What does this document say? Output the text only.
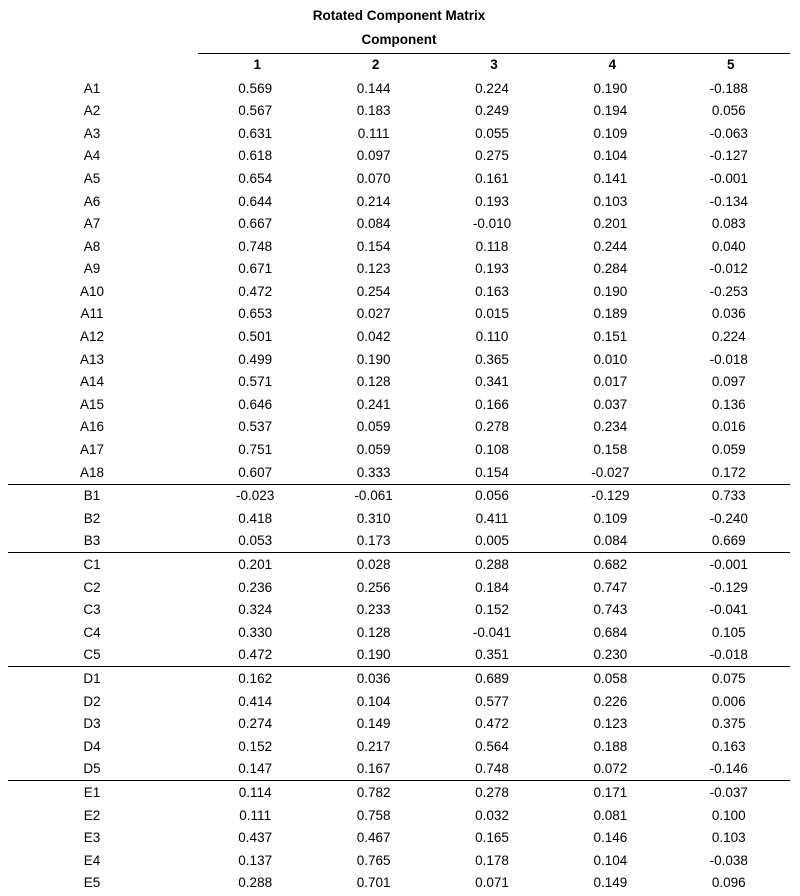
Rotated Component Matrix					
Component					
	1	2	3	4	5
A1	0.569	0.144	0.224	0.190	-0.188
A2	0.567	0.183	0.249	0.194	0.056
A3	0.631	0.111	0.055	0.109	-0.063
A4	0.618	0.097	0.275	0.104	-0.127
A5	0.654	0.070	0.161	0.141	-0.001
A6	0.644	0.214	0.193	0.103	-0.134
A7	0.667	0.084	-0.010	0.201	0.083
A8	0.748	0.154	0.118	0.244	0.040
A9	0.671	0.123	0.193	0.284	-0.012
A10	0.472	0.254	0.163	0.190	-0.253
A11	0.653	0.027	0.015	0.189	0.036
A12	0.501	0.042	0.110	0.151	0.224
A13	0.499	0.190	0.365	0.010	-0.018
A14	0.571	0.128	0.341	0.017	0.097
A15	0.646	0.241	0.166	0.037	0.136
A16	0.537	0.059	0.278	0.234	0.016
A17	0.751	0.059	0.108	0.158	0.059
A18	0.607	0.333	0.154	-0.027	0.172
B1	-0.023	-0.061	0.056	-0.129	0.733
B2	0.418	0.310	0.411	0.109	-0.240
B3	0.053	0.173	0.005	0.084	0.669
C1	0.201	0.028	0.288	0.682	-0.001
C2	0.236	0.256	0.184	0.747	-0.129
C3	0.324	0.233	0.152	0.743	-0.041
C4	0.330	0.128	-0.041	0.684	0.105
C5	0.472	0.190	0.351	0.230	-0.018
D1	0.162	0.036	0.689	0.058	0.075
D2	0.414	0.104	0.577	0.226	0.006
D3	0.274	0.149	0.472	0.123	0.375
D4	0.152	0.217	0.564	0.188	0.163
D5	0.147	0.167	0.748	0.072	-0.146
E1	0.114	0.782	0.278	0.171	-0.037
E2	0.111	0.758	0.032	0.081	0.100
E3	0.437	0.467	0.165	0.146	0.103
E4	0.137	0.765	0.178	0.104	-0.038
E5	0.288	0.701	0.071	0.149	0.096
